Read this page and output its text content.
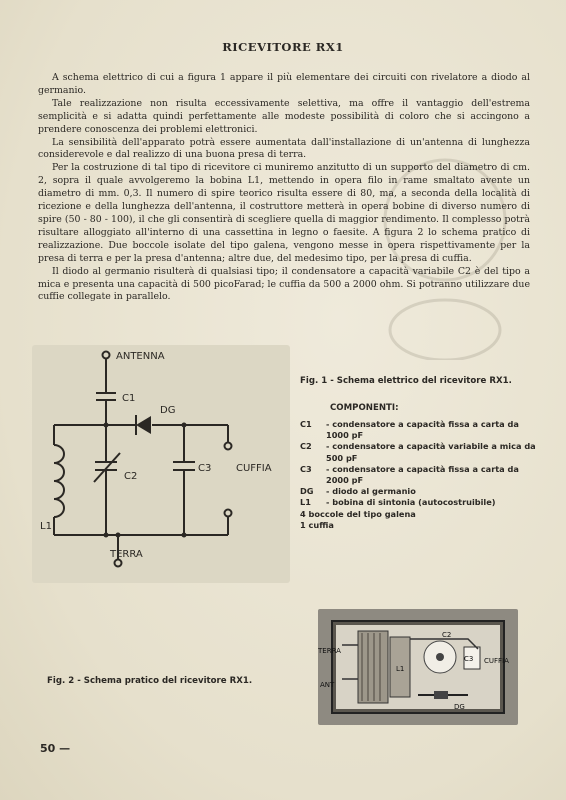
RICEVITORE RX1

A schema elettrico di cui a figura 1 appare il più elementare dei circuiti con rivelatore a diodo al germanio.

Tale realizzazione non risulta eccessivamente selettiva, ma offre il vantaggio dell'estrema semplicità e si adatta quindi perfettamente alle modeste possibilità di coloro che si accingono a prendere conoscenza dei problemi elettronici.

La sensibilità dell'apparato potrà essere aumentata dall'installazione di un'antenna di lunghezza considerevole e dal realizzo di una buona presa di terra.

Per la costruzione di tal tipo di ricevitore ci muniremo anzitutto di un supporto del diametro di cm. 2, sopra il quale avvolgeremo la bobina L1, mettendo in opera filo in rame smaltato avente un diametro di mm. 0,3. Il numero di spire teorico risulta essere di 80, ma, a seconda della località di ricezione e della lunghezza dell'antenna, il costruttore metterà in opera bobine di diverso numero di spire (50 - 80 - 100), il che gli consentirà di scegliere quella di maggior rendimento. Il complesso potrà risultare alloggiato all'interno di una cassettina in legno o faesite. A figura 2 lo schema pratico di realizzazione. Due boccole isolate del tipo galena, vengono messe in opera rispettivamente per la presa di terra e per la presa d'antenna; altre due, del medesimo tipo, per la presa di cuffia.

Il diodo al germanio risulterà di qualsiasi tipo; il condensatore a capacità variabile C2 è del tipo a mica e presenta una capacità di 500 picoFarad; le cuffia da 500 a 2000 ohm. Si potranno utilizzare due cuffie collegate in parallelo.

ANTENNA
C1
DG
C2
C3 CUFFIA
L1
TERRA
Fig. 1 - Schema elettrico del ricevitore RX1.
COMPONENTI:
C1	- condensatore a capacità fissa a carta da 1000 pF
C2	- condensatore a capacità variabile a mica da 500 pF
C3	- condensatore a capacità fissa a carta da 2000 pF
DG	- diodo al germanio
L1	- bobina di sintonia (autocostruibile)
4 boccole del tipo galena
1 cuffia
Fig. 2 - Schema pratico del ricevitore RX1.
TERRA
ANT
L1
C2
C3
DG
CUFFIA
50 —
